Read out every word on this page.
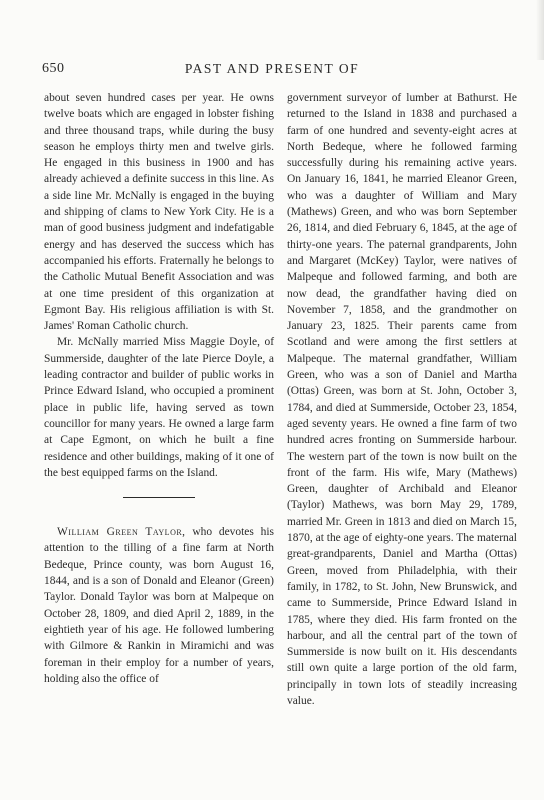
650	PAST AND PRESENT OF

about seven hundred cases per year. He owns twelve boats which are engaged in lobster fishing and three thousand traps, while during the busy season he employs thirty men and twelve girls. He engaged in this business in 1900 and has already achieved a definite success in this line. As a side line Mr. McNally is engaged in the buying and shipping of clams to New York City. He is a man of good business judgment and indefatigable energy and has deserved the success which has accompanied his efforts. Fraternally he belongs to the Catholic Mutual Benefit Association and was at one time president of this organization at Egmont Bay. His religious affiliation is with St. James' Roman Catholic church.

Mr. McNally married Miss Maggie Doyle, of Summerside, daughter of the late Pierce Doyle, a leading contractor and builder of public works in Prince Edward Island, who occupied a prominent place in public life, having served as town councillor for many years. He owned a large farm at Cape Egmont, on which he built a fine residence and other buildings, making of it one of the best equipped farms on the Island.

William Green Taylor, who devotes his attention to the tilling of a fine farm at North Bedeque, Prince county, was born August 16, 1844, and is a son of Donald and Eleanor (Green) Taylor. Donald Taylor was born at Malpeque on October 28, 1809, and died April 2, 1889, in the eightieth year of his age. He followed lumbering with Gilmore & Rankin in Miramichi and was foreman in their employ for a number of years, holding also the office of

government surveyor of lumber at Bathurst. He returned to the Island in 1838 and purchased a farm of one hundred and seventy-eight acres at North Bedeque, where he followed farming successfully during his remaining active years. On January 16, 1841, he married Eleanor Green, who was a daughter of William and Mary (Mathews) Green, and who was born September 26, 1814, and died February 6, 1845, at the age of thirty-one years. The paternal grandparents, John and Margaret (McKey) Taylor, were natives of Malpeque and followed farming, and both are now dead, the grandfather having died on November 7, 1858, and the grandmother on January 23, 1825. Their parents came from Scotland and were among the first settlers at Malpeque. The maternal grandfather, William Green, who was a son of Daniel and Martha (Ottas) Green, was born at St. John, October 3, 1784, and died at Summerside, October 23, 1854, aged seventy years. He owned a fine farm of two hundred acres fronting on Summerside harbour. The western part of the town is now built on the front of the farm. His wife, Mary (Mathews) Green, daughter of Archibald and Eleanor (Taylor) Mathews, was born May 29, 1789, married Mr. Green in 1813 and died on March 15, 1870, at the age of eighty-one years. The maternal great-grandparents, Daniel and Martha (Ottas) Green, moved from Philadelphia, with their family, in 1782, to St. John, New Brunswick, and came to Summerside, Prince Edward Island in 1785, where they died. His farm fronted on the harbour, and all the central part of the town of Summerside is now built on it. His descendants still own quite a large portion of the old farm, principally in town lots of steadily increasing value.
